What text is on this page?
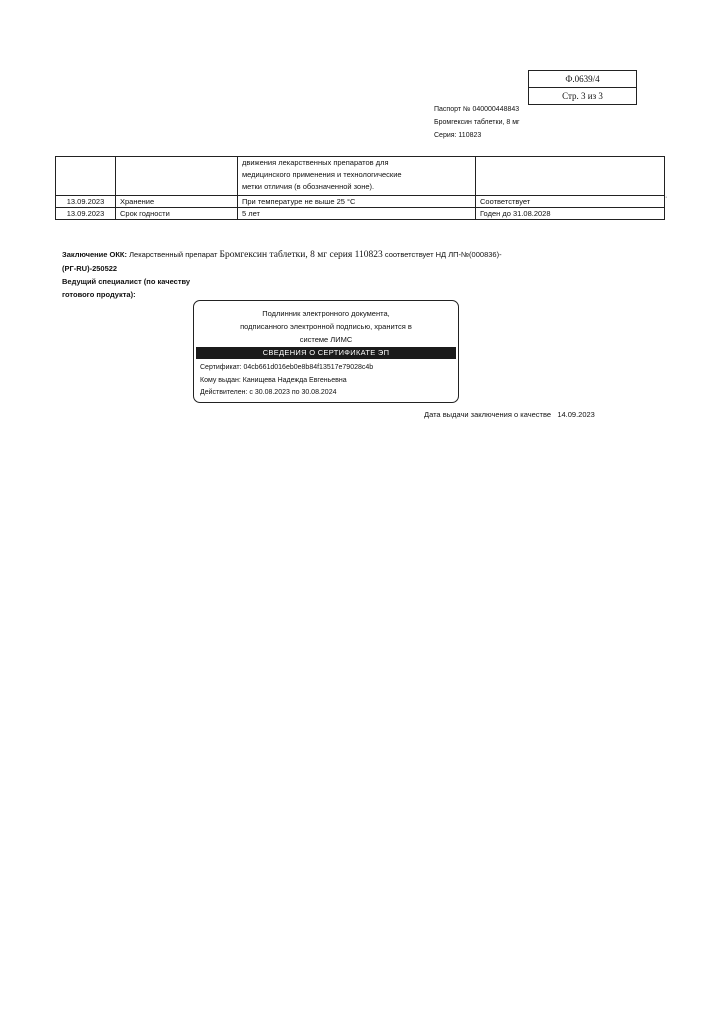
Ф.0639/4
Стр. 3 из 3
Паспорт № 040000448843
Бромгексин таблетки, 8 мг
Серия: 110823

		движения лекарственных препаратов для
медицинского применения и технологические
метки отличия (в обозначенной зоне).	

13.09.2023	Хранение	При температуре не выше 25 °С	Соответствует
13.09.2023	Срок годности	5 лет	Годен до 31.08.2028
·
Заключение ОКК: Лекарственный препарат Бромгексин таблетки, 8 мг серия 110823 соответствует НД ЛП-№(000836)-
(РГ-RU)-250522
Ведущий специалист (по качеству
готового продукта):
Подлинник электронного документа,
подписанного электронной подписью, хранится в
системе ЛИМС
СВЕДЕНИЯ О СЕРТИФИКАТЕ ЭП
Сертификат: 04cb661d016eb0e8b84f13517e79028c4b
Кому выдан: Канищева Надежда Евгеньевна
Действителен: с 30.08.2023 по 30.08.2024
Дата выдачи заключения о качестве 14.09.2023
